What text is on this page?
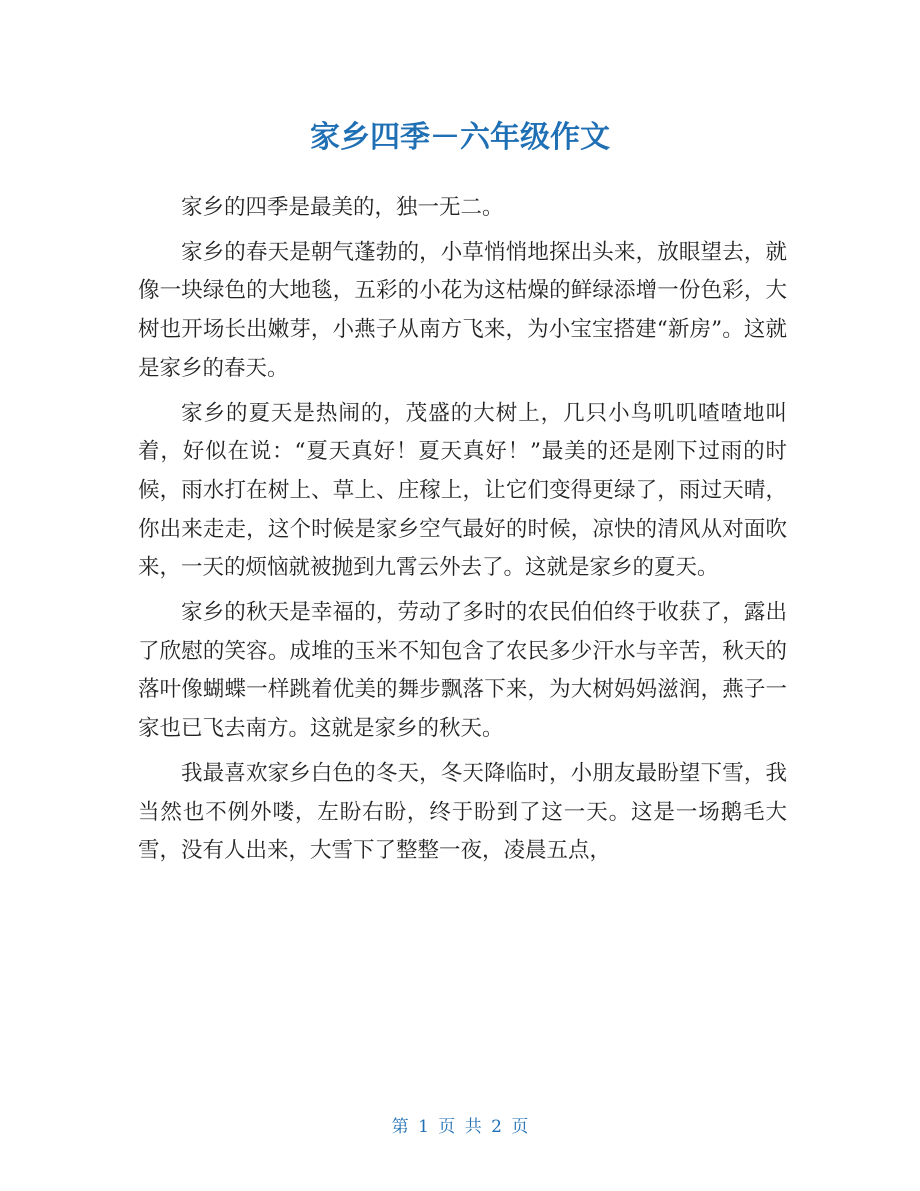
家乡四季－六年级作文

家乡的四季是最美的，独一无二。

家乡的春天是朝气蓬勃的，小草悄悄地探出头来，放眼望去，就像一块绿色的大地毯，五彩的小花为这枯燥的鲜绿添增一份色彩，大树也开场长出嫩芽，小燕子从南方飞来，为小宝宝搭建“新房”。这就是家乡的春天。

家乡的夏天是热闹的，茂盛的大树上，几只小鸟叽叽喳喳地叫着，好似在说：“夏天真好！夏天真好！”最美的还是刚下过雨的时候，雨水打在树上、草上、庄稼上，让它们变得更绿了，雨过天晴，你出来走走，这个时候是家乡空气最好的时候，凉快的清风从对面吹来，一天的烦恼就被抛到九霄云外去了。这就是家乡的夏天。

家乡的秋天是幸福的，劳动了多时的农民伯伯终于收获了，露出了欣慰的笑容。成堆的玉米不知包含了农民多少汗水与辛苦，秋天的落叶像蝴蝶一样跳着优美的舞步飘落下来，为大树妈妈滋润，燕子一家也已飞去南方。这就是家乡的秋天。

我最喜欢家乡白色的冬天，冬天降临时，小朋友最盼望下雪，我当然也不例外喽，左盼右盼，终于盼到了这一天。这是一场鹅毛大雪，没有人出来，大雪下了整整一夜，凌晨五点，

第 1 页 共 2 页
